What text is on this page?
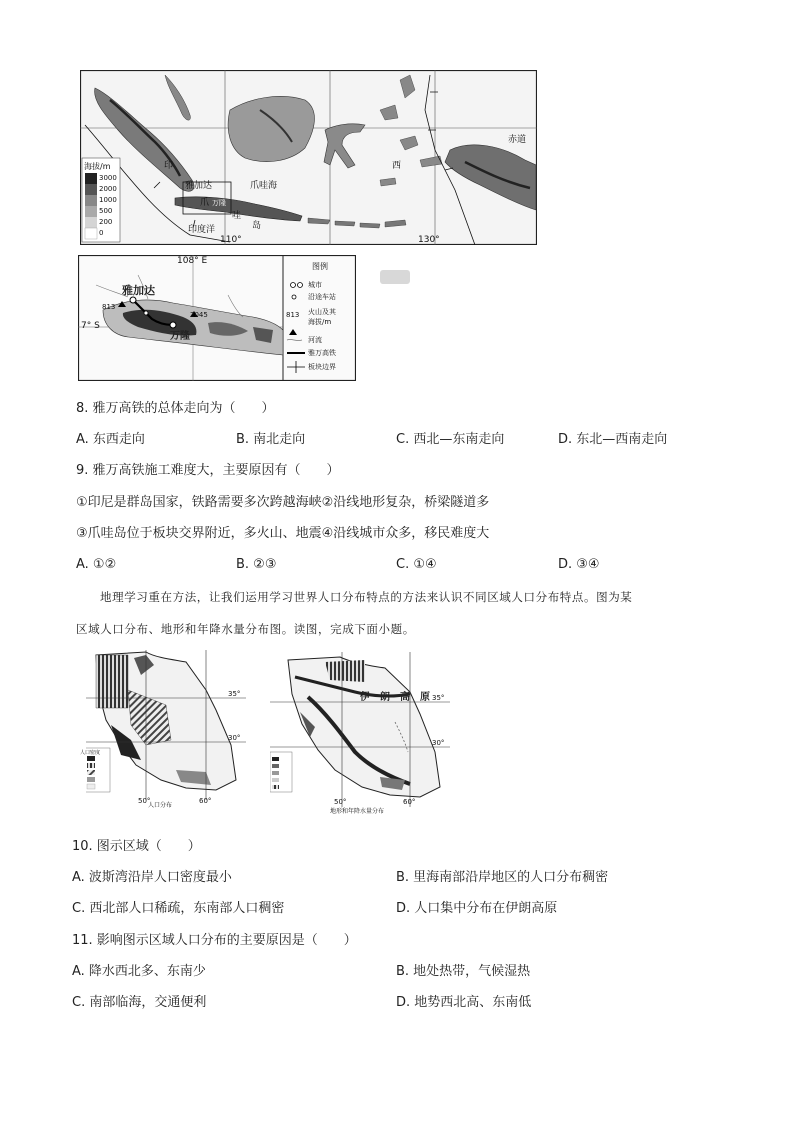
赤道
110°	130°
爪哇海
雅加达
印度洋
印
爪
哇
岛
西
万隆
海拔/m
3000
2000
1000
500
200
0
108° E
7° S
雅加达
万隆
813
2045
图例
城市
沿途车站
813 火山及其
海拔/m
河流
雅万高铁
板块边界
8. 雅万高铁的总体走向为（　　）
A. 东西走向	B. 南北走向	C. 西北—东南走向	D. 东北—西南走向
9. 雅万高铁施工难度大，主要原因有（　　）
①印尼是群岛国家，铁路需要多次跨越海峡②沿线地形复杂，桥梁隧道多
③爪哇岛位于板块交界附近，多火山、地震④沿线城市众多，移民难度大
A. ①②	B. ②③	C. ①④	D. ③④
地理学习重在方法，让我们运用学习世界人口分布特点的方法来认识不同区域人口分布特点。图为某
区域人口分布、地形和年降水量分布图。读图，完成下面小题。
35°
30°
50°	60°
人口密度
人口分布
伊　朗　高　原 35°
30°
50°	60°
地形和年降水量分布
10. 图示区域（　　）
A. 波斯湾沿岸人口密度最小	B. 里海南部沿岸地区的人口分布稠密
C. 西北部人口稀疏，东南部人口稠密	D. 人口集中分布在伊朗高原
11. 影响图示区域人口分布的主要原因是（　　）
A. 降水西北多、东南少	B. 地处热带，气候湿热
C. 南部临海，交通便利	D. 地势西北高、东南低
